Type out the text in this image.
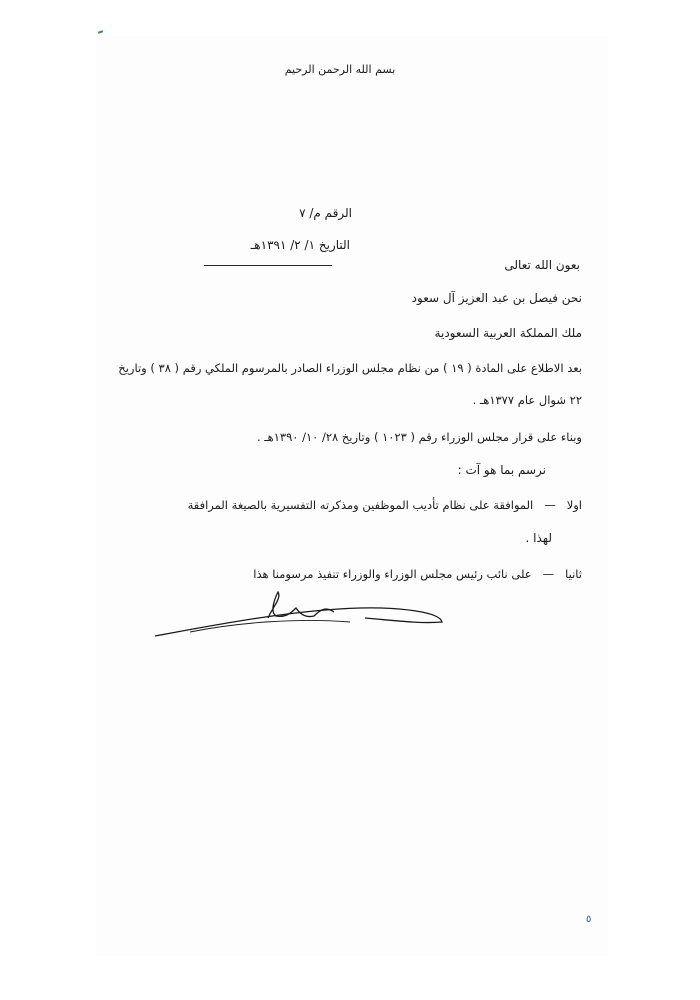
بسم الله الرحمن الرحيم
الرقم م/ ٧
التاريخ ١/ ٢/ ١٣٩١هـ
بعون الله تعالى
نحن فيصل بن عبد العزيز آل سعود
ملك المملكة العربية السعودية
بعد الاطلاع على المادة ( ١٩ ) من نظام مجلس الوزراء الصادر بالمرسوم الملكي رقم ( ٣٨ ) وتاريخ
٢٢ شوال عام ١٣٧٧هـ .
وبناء على قرار مجلس الوزراء رقم ( ١٠٢٣ ) وتاريخ ٢٨/ ١٠/ ١٣٩٠هـ .
نرسم بما هو آت :
اولا   —   الموافقة على نظام تأديب الموظفين ومذكرته التفسيرية بالصيغة المرافقة
لهذا .
ثانيا   —   على نائب رئيس مجلس الوزراء والوزراء تنفيذ مرسومنا هذا
٥
